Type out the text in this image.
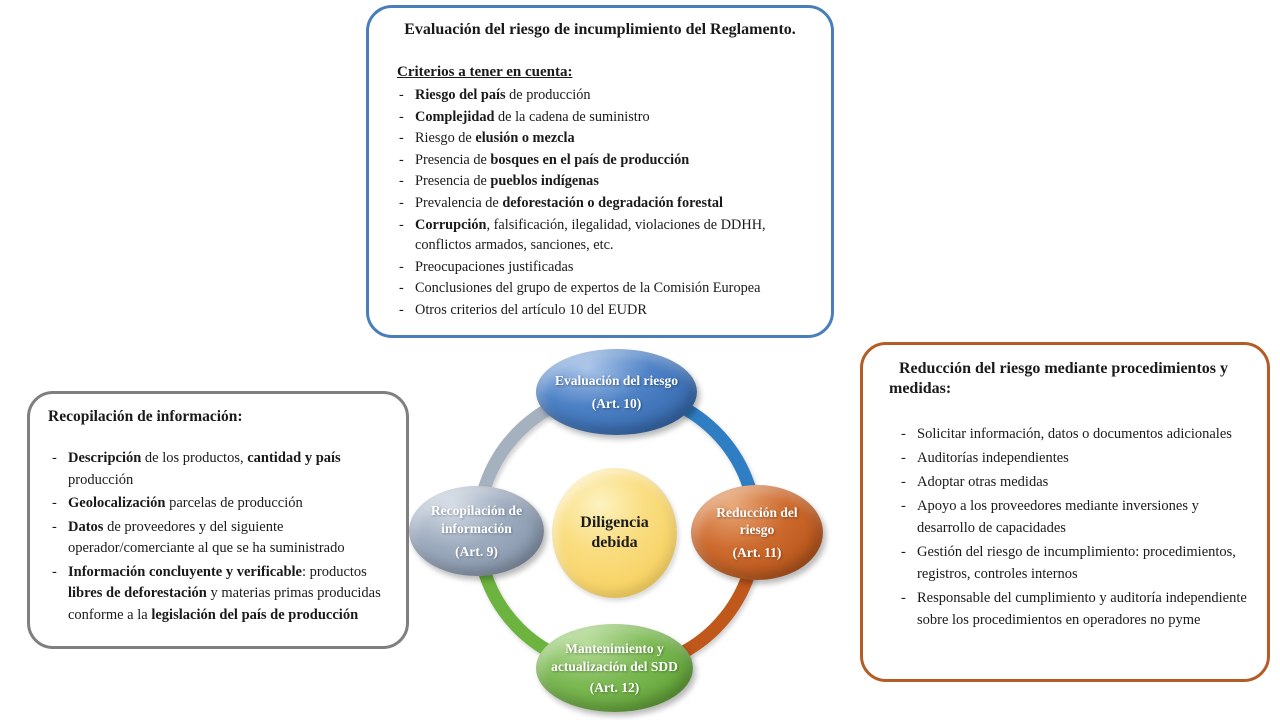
Evaluación del riesgo
(Art. 10)
Reducción del riesgo
(Art. 11)
Mantenimiento y actualización del SDD
(Art. 12)
Recopilación de información
(Art. 9)
Diligencia debida
Evaluación del riesgo de incumplimiento del Reglamento.
Criterios a tener en cuenta:
- Riesgo del país de producción
- Complejidad de la cadena de suministro
- Riesgo de elusión o mezcla
- Presencia de bosques en el país de producción
- Presencia de pueblos indígenas
- Prevalencia de deforestación o degradación forestal
- Corrupción, falsificación, ilegalidad, violaciones de DDHH, conflictos armados, sanciones, etc.
- Preocupaciones justificadas
- Conclusiones del grupo de expertos de la Comisión Europea
- Otros criterios del artículo 10 del EUDR
Recopilación de información:
- Descripción de los productos, cantidad y país producción
- Geolocalización parcelas de producción
- Datos de proveedores y del siguiente operador/comerciante al que se ha suministrado
- Información concluyente y verificable: productos libres de deforestación y materias primas producidas conforme a la legislación del país de producción
Reducción del riesgo mediante procedimientos y medidas:
- Solicitar información, datos o documentos adicionales
- Auditorías independientes
- Adoptar otras medidas
- Apoyo a los proveedores mediante inversiones y desarrollo de capacidades
- Gestión del riesgo de incumplimiento: procedimientos, registros, controles internos
- Responsable del cumplimiento y auditoría independiente sobre los procedimientos en operadores no pyme
